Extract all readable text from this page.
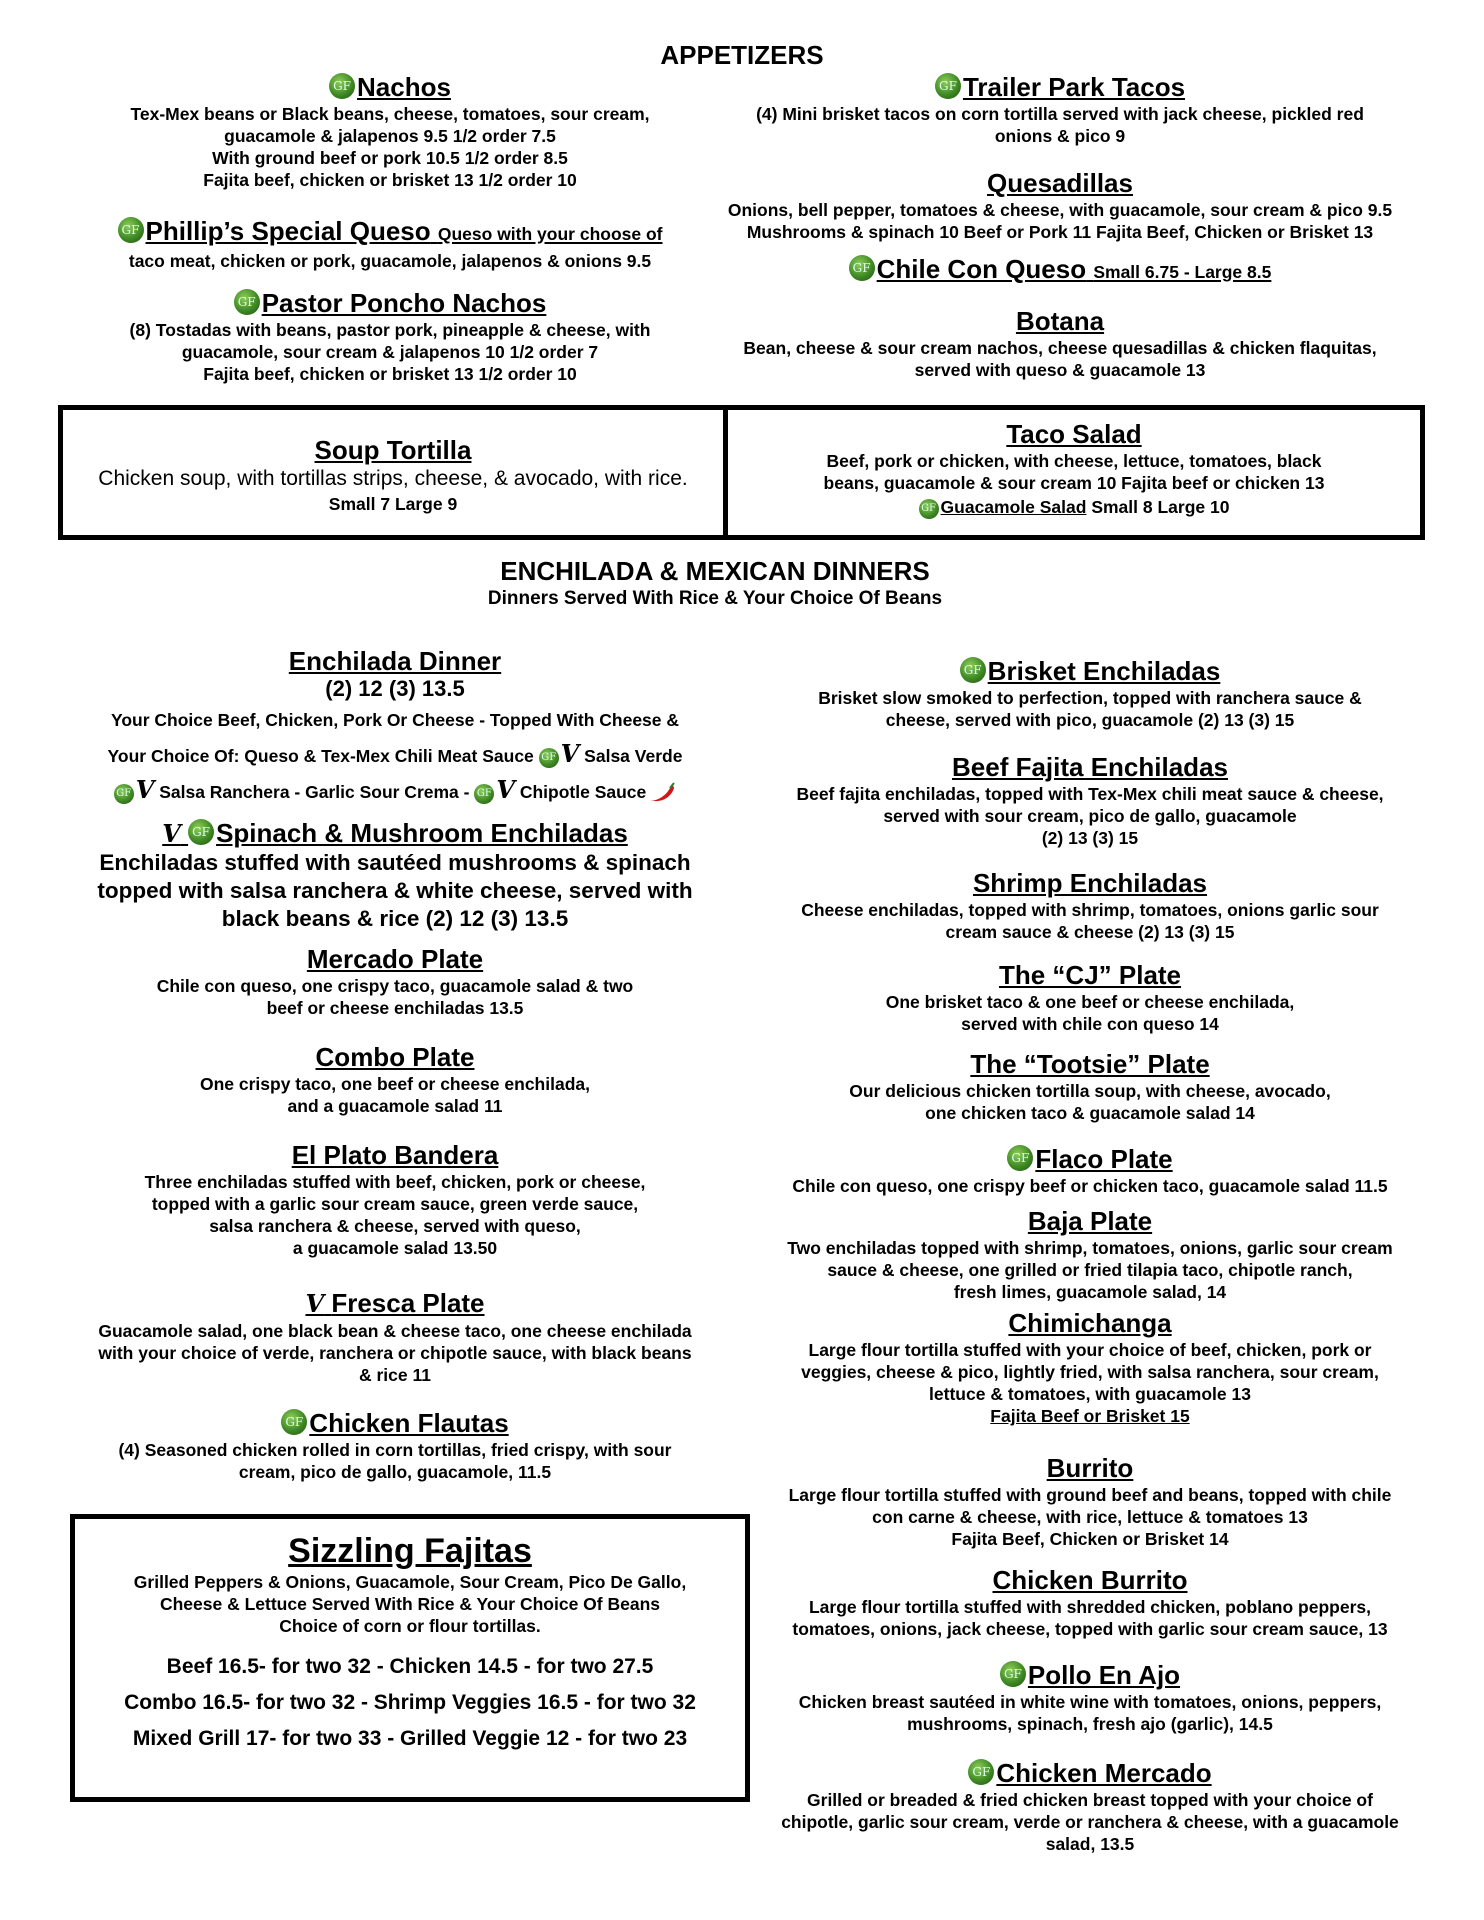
APPETIZERS
GF Nachos
Tex-Mex beans or Black beans, cheese, tomatoes, sour cream,
guacamole & jalapenos 9.5 1/2 order 7.5
With ground beef or pork 10.5 1/2 order 8.5
Fajita beef, chicken or brisket 13 1/2 order 10
GF Phillip’s Special Queso Queso with your choose of
taco meat, chicken or pork, guacamole, jalapenos & onions 9.5
GF Pastor Poncho Nachos
(8) Tostadas with beans, pastor pork, pineapple & cheese, with
guacamole, sour cream & jalapenos 10 1/2 order 7
Fajita beef, chicken or brisket 13 1/2 order 10
GF Trailer Park Tacos
(4) Mini brisket tacos on corn tortilla served with jack cheese, pickled red
onions & pico 9
Quesadillas
Onions, bell pepper, tomatoes & cheese, with guacamole, sour cream & pico 9.5
Mushrooms & spinach 10 Beef or Pork 11 Fajita Beef, Chicken or Brisket 13
GF Chile Con Queso Small 6.75 - Large 8.5
Botana
Bean, cheese & sour cream nachos, cheese quesadillas & chicken flaquitas,
served with queso & guacamole 13
Soup Tortilla
Chicken soup, with tortillas strips, cheese, & avocado, with rice.
Small 7 Large 9
Taco Salad
Beef, pork or chicken, with cheese, lettuce, tomatoes, black
beans, guacamole & sour cream 10 Fajita beef or chicken 13
GF Guacamole Salad Small 8 Large 10
ENCHILADA & MEXICAN DINNERS
Dinners Served With Rice & Your Choice Of Beans
Enchilada Dinner
(2) 12 (3) 13.5
Your Choice Beef, Chicken, Pork Or Cheese - Topped With Cheese &
Your Choice Of: Queso & Tex-Mex Chili Meat Sauce GF V Salsa Verde
GF V Salsa Ranchera - Garlic Sour Crema - GF V Chipotle Sauce
V GF Spinach & Mushroom Enchiladas
Enchiladas stuffed with sautéed mushrooms & spinach
topped with salsa ranchera & white cheese, served with
black beans & rice (2) 12 (3) 13.5
Mercado Plate
Chile con queso, one crispy taco, guacamole salad & two
beef or cheese enchiladas 13.5
Combo Plate
One crispy taco, one beef or cheese enchilada,
and a guacamole salad 11
El Plato Bandera
Three enchiladas stuffed with beef, chicken, pork or cheese,
topped with a garlic sour cream sauce, green verde sauce,
salsa ranchera & cheese, served with queso,
a guacamole salad 13.50
V Fresca Plate
Guacamole salad, one black bean & cheese taco, one cheese enchilada
with your choice of verde, ranchera or chipotle sauce, with black beans
& rice 11
GF Chicken Flautas
(4) Seasoned chicken rolled in corn tortillas, fried crispy, with sour
cream, pico de gallo, guacamole, 11.5
Sizzling Fajitas
Grilled Peppers & Onions, Guacamole, Sour Cream, Pico De Gallo,
Cheese & Lettuce Served With Rice & Your Choice Of Beans
Choice of corn or flour tortillas.
Beef 16.5- for two 32 - Chicken 14.5 - for two 27.5
Combo 16.5- for two 32 - Shrimp Veggies 16.5 - for two 32
Mixed Grill 17- for two 33 - Grilled Veggie 12 - for two 23
GF Brisket Enchiladas
Brisket slow smoked to perfection, topped with ranchera sauce &
cheese, served with pico, guacamole (2) 13 (3) 15
Beef Fajita Enchiladas
Beef fajita enchiladas, topped with Tex-Mex chili meat sauce & cheese,
served with sour cream, pico de gallo, guacamole
(2) 13 (3) 15
Shrimp Enchiladas
Cheese enchiladas, topped with shrimp, tomatoes, onions garlic sour
cream sauce & cheese (2) 13 (3) 15
The “CJ” Plate
One brisket taco & one beef or cheese enchilada,
served with chile con queso 14
The “Tootsie” Plate
Our delicious chicken tortilla soup, with cheese, avocado,
one chicken taco & guacamole salad 14
GF Flaco Plate
Chile con queso, one crispy beef or chicken taco, guacamole salad 11.5
Baja Plate
Two enchiladas topped with shrimp, tomatoes, onions, garlic sour cream
sauce & cheese, one grilled or fried tilapia taco, chipotle ranch,
fresh limes, guacamole salad, 14
Chimichanga
Large flour tortilla stuffed with your choice of beef, chicken, pork or
veggies, cheese & pico, lightly fried, with salsa ranchera, sour cream,
lettuce & tomatoes, with guacamole 13
Fajita Beef or Brisket 15
Burrito
Large flour tortilla stuffed with ground beef and beans, topped with chile
con carne & cheese, with rice, lettuce & tomatoes 13
Fajita Beef, Chicken or Brisket 14
Chicken Burrito
Large flour tortilla stuffed with shredded chicken, poblano peppers,
tomatoes, onions, jack cheese, topped with garlic sour cream sauce, 13
GF Pollo En Ajo
Chicken breast sautéed in white wine with tomatoes, onions, peppers,
mushrooms, spinach, fresh ajo (garlic), 14.5
GF Chicken Mercado
Grilled or breaded & fried chicken breast topped with your choice of
chipotle, garlic sour cream, verde or ranchera & cheese, with a guacamole
salad, 13.5
